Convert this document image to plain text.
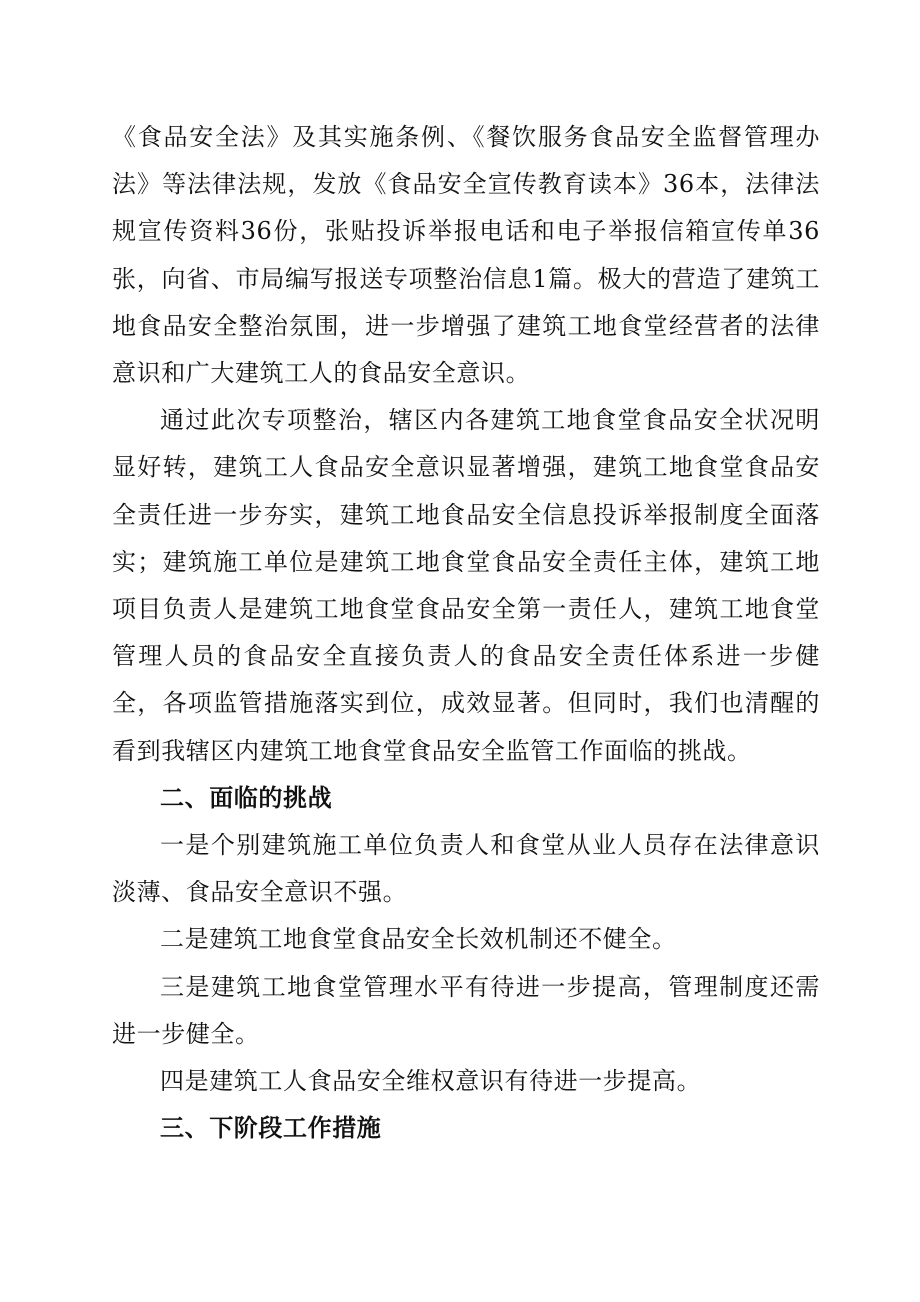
《食品安全法》及其实施条例、《餐饮服务食品安全监督管理办法》等法律法规，发放《食品安全宣传教育读本》36本，法律法规宣传资料36份，张贴投诉举报电话和电子举报信箱宣传单36张，向省、市局编写报送专项整治信息1篇。极大的营造了建筑工地食品安全整治氛围，进一步增强了建筑工地食堂经营者的法律意识和广大建筑工人的食品安全意识。

通过此次专项整治，辖区内各建筑工地食堂食品安全状况明显好转，建筑工人食品安全意识显著增强，建筑工地食堂食品安全责任进一步夯实，建筑工地食品安全信息投诉举报制度全面落实；建筑施工单位是建筑工地食堂食品安全责任主体，建筑工地项目负责人是建筑工地食堂食品安全第一责任人，建筑工地食堂管理人员的食品安全直接负责人的食品安全责任体系进一步健全，各项监管措施落实到位，成效显著。但同时，我们也清醒的看到我辖区内建筑工地食堂食品安全监管工作面临的挑战。

二、面临的挑战

一是个别建筑施工单位负责人和食堂从业人员存在法律意识淡薄、食品安全意识不强。

二是建筑工地食堂食品安全长效机制还不健全。

三是建筑工地食堂管理水平有待进一步提高，管理制度还需进一步健全。

四是建筑工人食品安全维权意识有待进一步提高。

三、下阶段工作措施
